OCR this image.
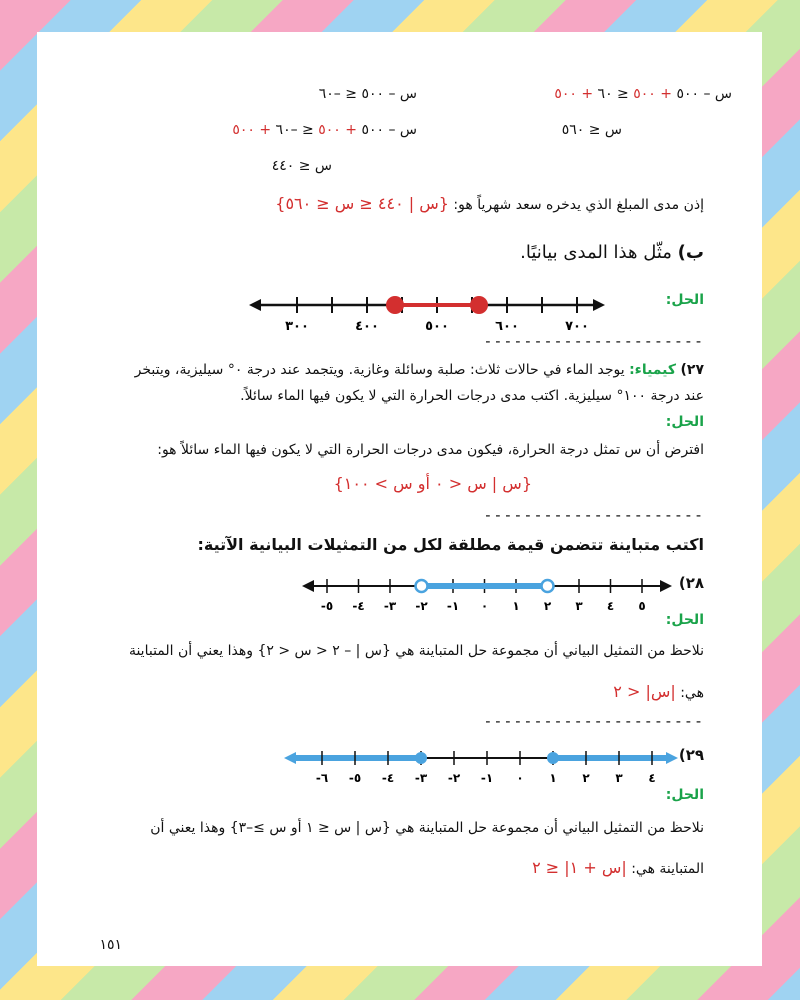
س – ٥٠٠ + ٥٠٠ ≤ ٦٠ + ٥٠٠
س – ٥٠٠ ≤ –٦٠
س ≤ ٥٦٠
س – ٥٠٠ + ٥٠٠ ≤ –٦٠ + ٥٠٠
س ≤ ٤٤٠
إذن مدى المبلغ الذي يدخره سعد شهرياً هو: {س | ٤٤٠ ≤ س ≤ ٥٦٠}
ب) مثّل هذا المدى بيانيًا.
الحل:
٣٠٠	٤٠٠	٥٠٠	٦٠٠	٧٠٠
----------------------
٢٧) كيمياء: يوجد الماء في حالات ثلاث: صلبة وسائلة وغازية. ويتجمد عند درجة ٠° سيليزية، ويتبخر
عند درجة ١٠٠° سيليزية. اكتب مدى درجات الحرارة التي لا يكون فيها الماء سائلاً.
الحل:
افترض أن س تمثل درجة الحرارة، فيكون مدى درجات الحرارة التي لا يكون فيها الماء سائلاً هو:
{س | س < ٠ أو س > ١٠٠}
----------------------
اكتب متباينة تتضمن قيمة مطلقة لكل من التمثيلات البيانية الآتية:
٢٨)
٥- ٤- ٣- ٢- ١- ٠ ١ ٢ ٣ ٤ ٥
الحل:
نلاحظ من التمثيل البياني أن مجموعة حل المتباينة هي {س | – ٢ < س < ٢} وهذا يعني أن المتباينة
هي: |س| < ٢
----------------------
٢٩)
٦- ٥- ٤- ٣- ٢- ١- ٠ ١ ٢ ٣ ٤
الحل:
نلاحظ من التمثيل البياني أن مجموعة حل المتباينة هي {س | س ≤ ١ أو س ≥–٣} وهذا يعني أن
المتباينة هي: |س + ١| ≤ ٢
١٥١
